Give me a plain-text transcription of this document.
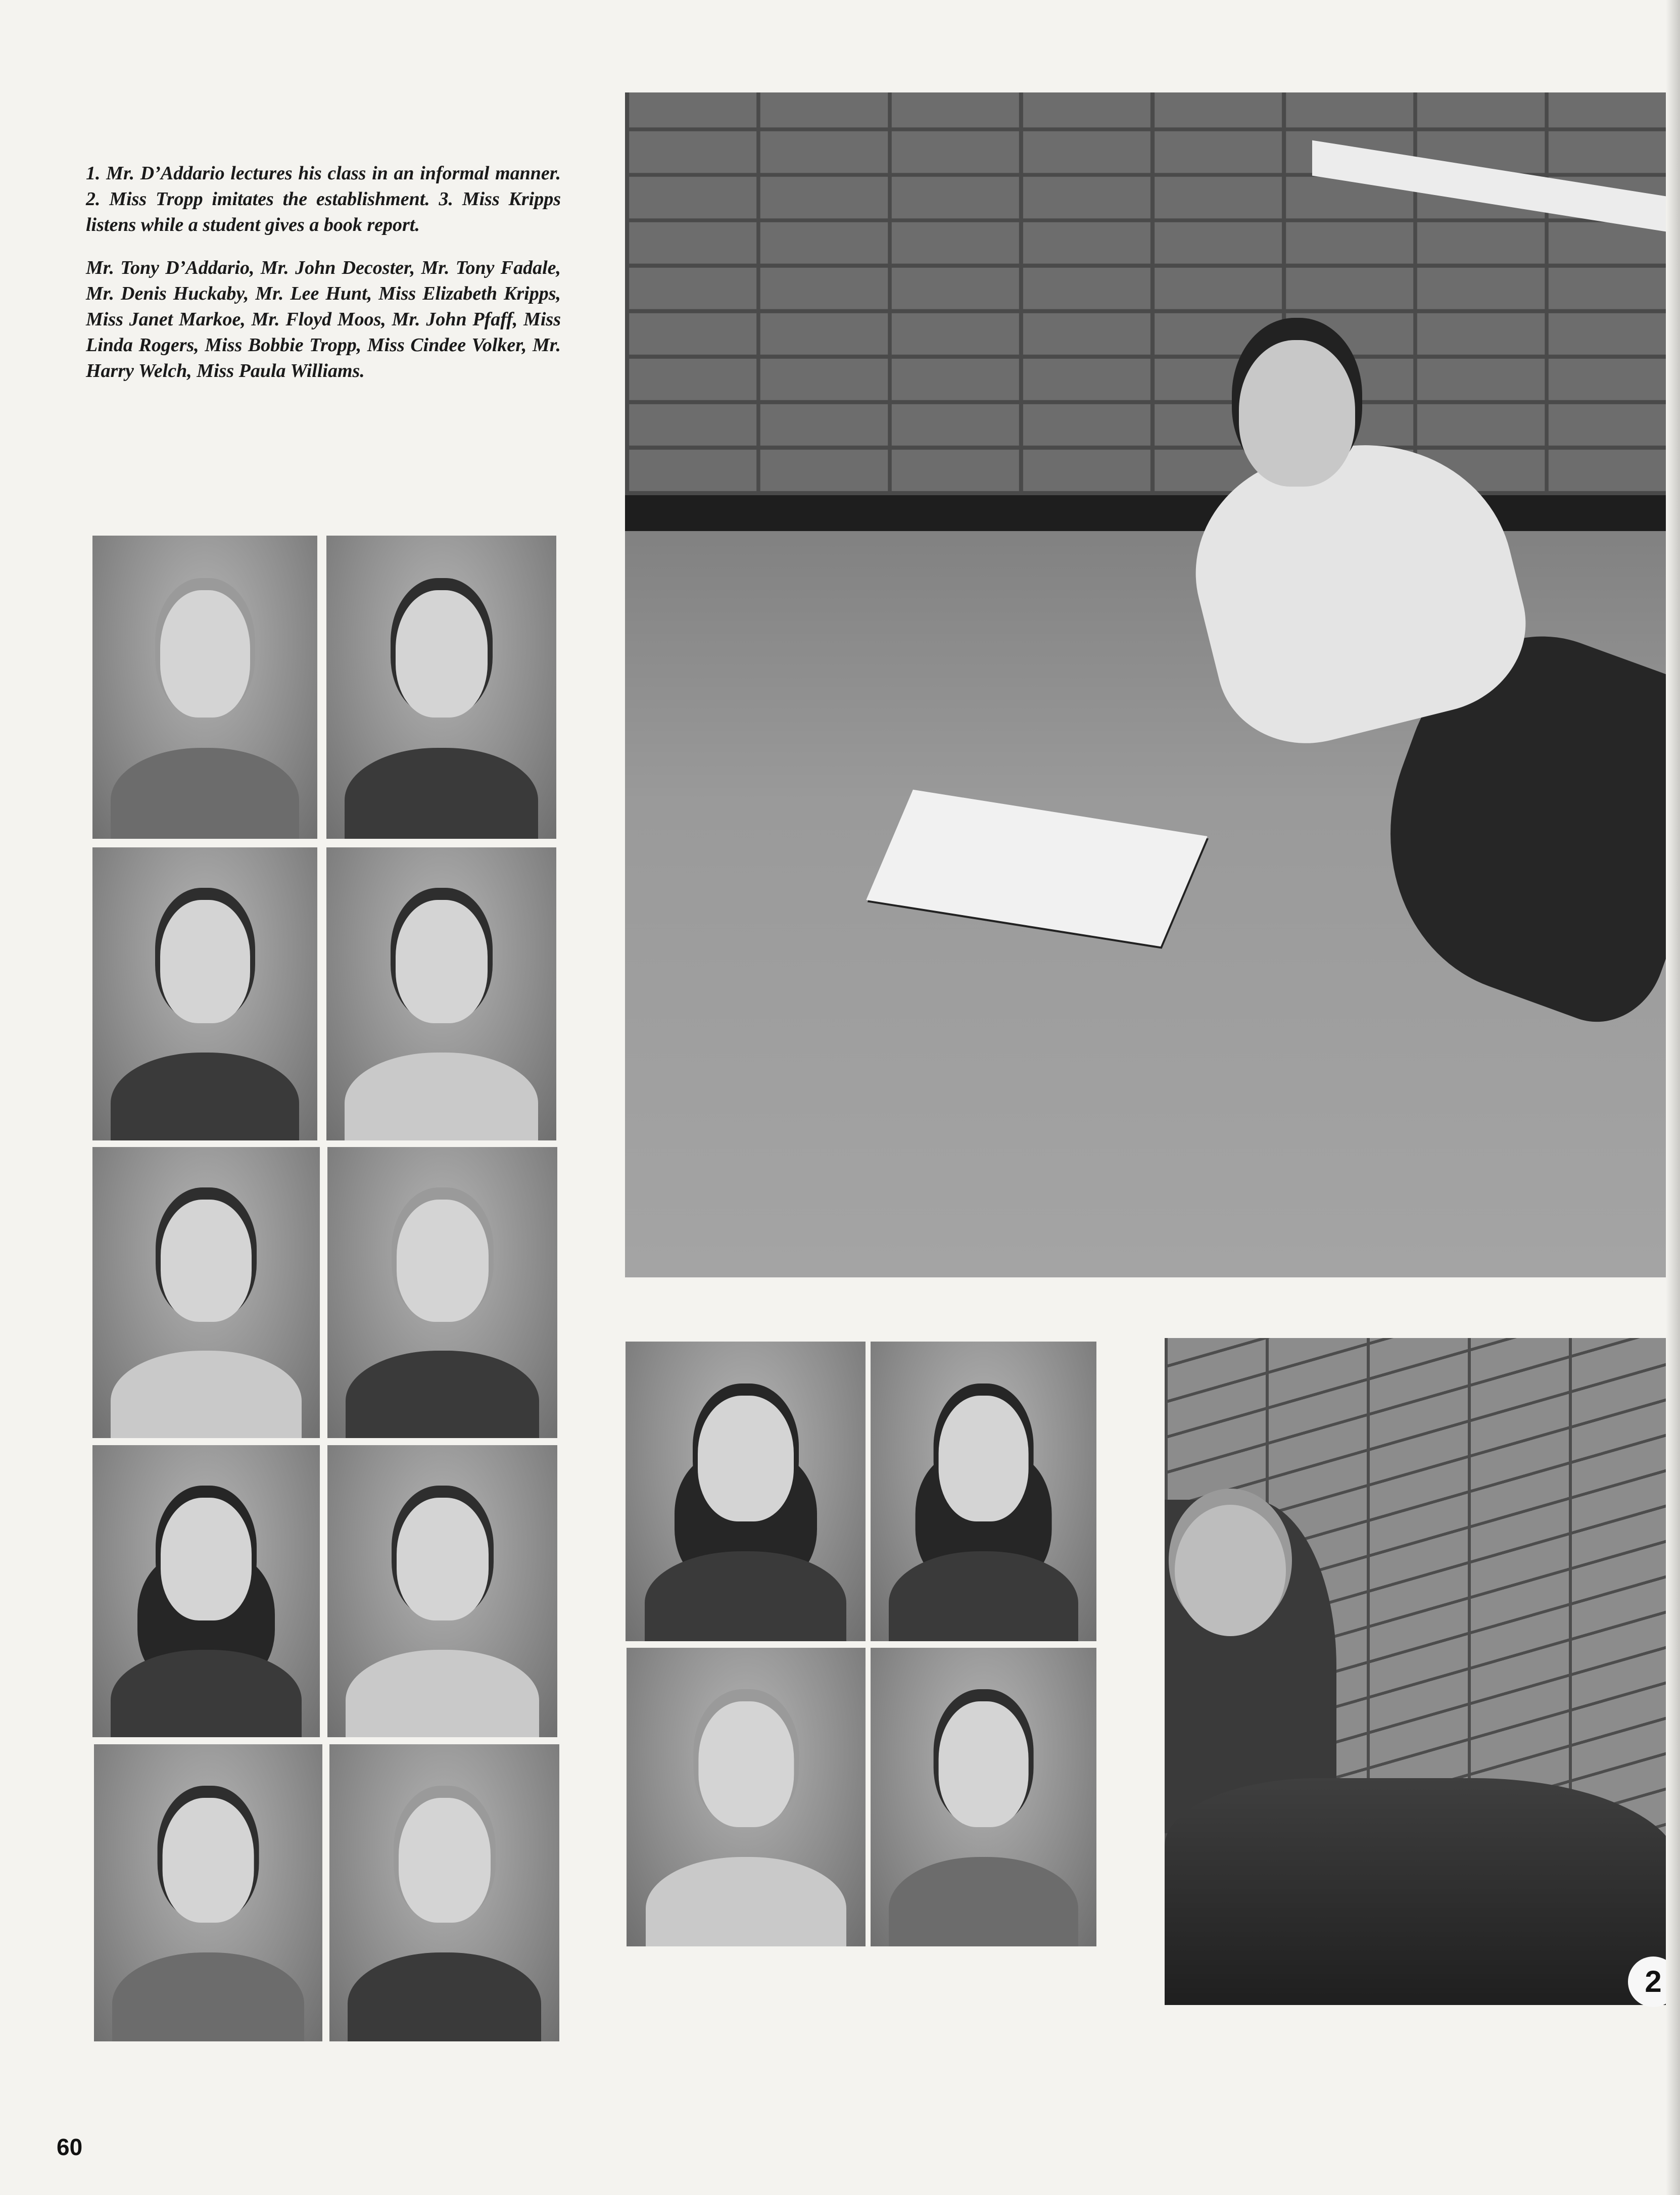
1. Mr. D’Addario lectures his class in an informal manner. 2. Miss Tropp imitates the establishment. 3. Miss Kripps listens while a student gives a book report.

Mr. Tony D’Addario, Mr. John Decoster, Mr. Tony Fadale, Mr. Denis Huckaby, Mr. Lee Hunt, Miss Elizabeth Kripps, Miss Janet Markoe, Mr. Floyd Moos, Mr. John Pfaff, Miss Linda Rogers, Miss Bobbie Tropp, Miss Cindee Volker, Mr. Harry Welch, Miss Paula Williams.

2
60
